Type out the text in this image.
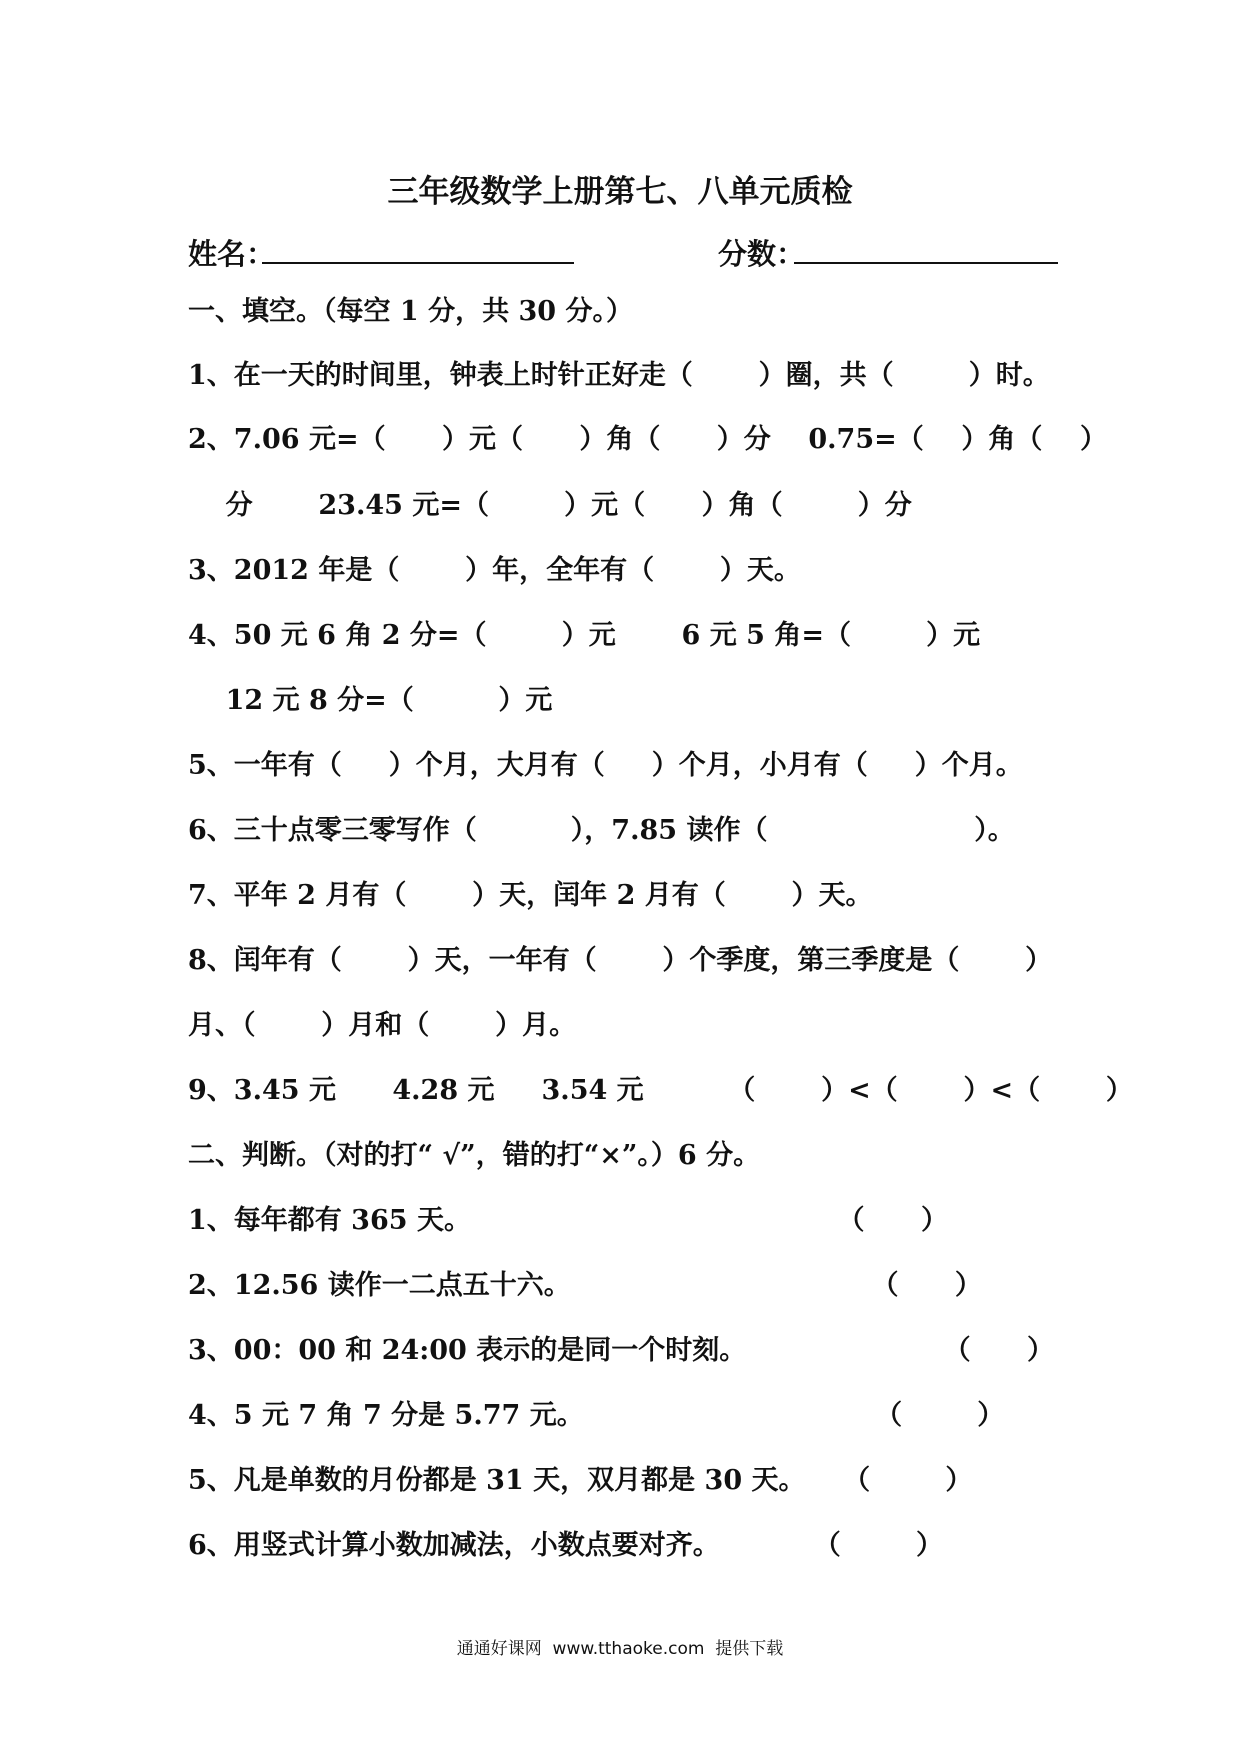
三年级数学上册第七、八单元质检
姓名：	分数：
一、填空。（每空 1 分，共 30 分。）
1、在一天的时间里，钟表上时针正好走（       ）圈，共（        ）时。
2、7.06 元=（      ）元（      ）角（      ）分    0.75=（    ）角（    ）
分       23.45 元=（        ）元（      ）角（        ）分
3、2012 年是（       ）年，全年有（       ）天。
4、50 元 6 角 2 分=（        ）元       6 元 5 角=（        ）元
12 元 8 分=（         ）元
5、一年有（     ）个月，大月有（     ）个月，小月有（     ）个月。
6、三十点零三零写作（          ），7.85 读作（                      ）。
7、平年 2 月有（       ）天，闰年 2 月有（       ）天。
8、闰年有（       ）天，一年有（       ）个季度，第三季度是（       ）
月、（       ）月和（       ）月。
9、3.45 元      4.28 元     3.54 元         （       ）<（       ）<（       ）
二、判断。（对的打“ √”，错的打“×”。）6 分。
1、每年都有 365 天。                                       （      ）
2、12.56 读作一二点五十六。                                （      ）
3、00：00 和 24:00 表示的是同一个时刻。                     （      ）
4、5 元 7 角 7 分是 5.77 元。                               （        ）
5、凡是单数的月份都是 31 天，双月都是 30 天。    （        ）
6、用竖式计算小数加减法，小数点要对齐。          （        ）
通通好课网  www.tthaoke.com  提供下载
